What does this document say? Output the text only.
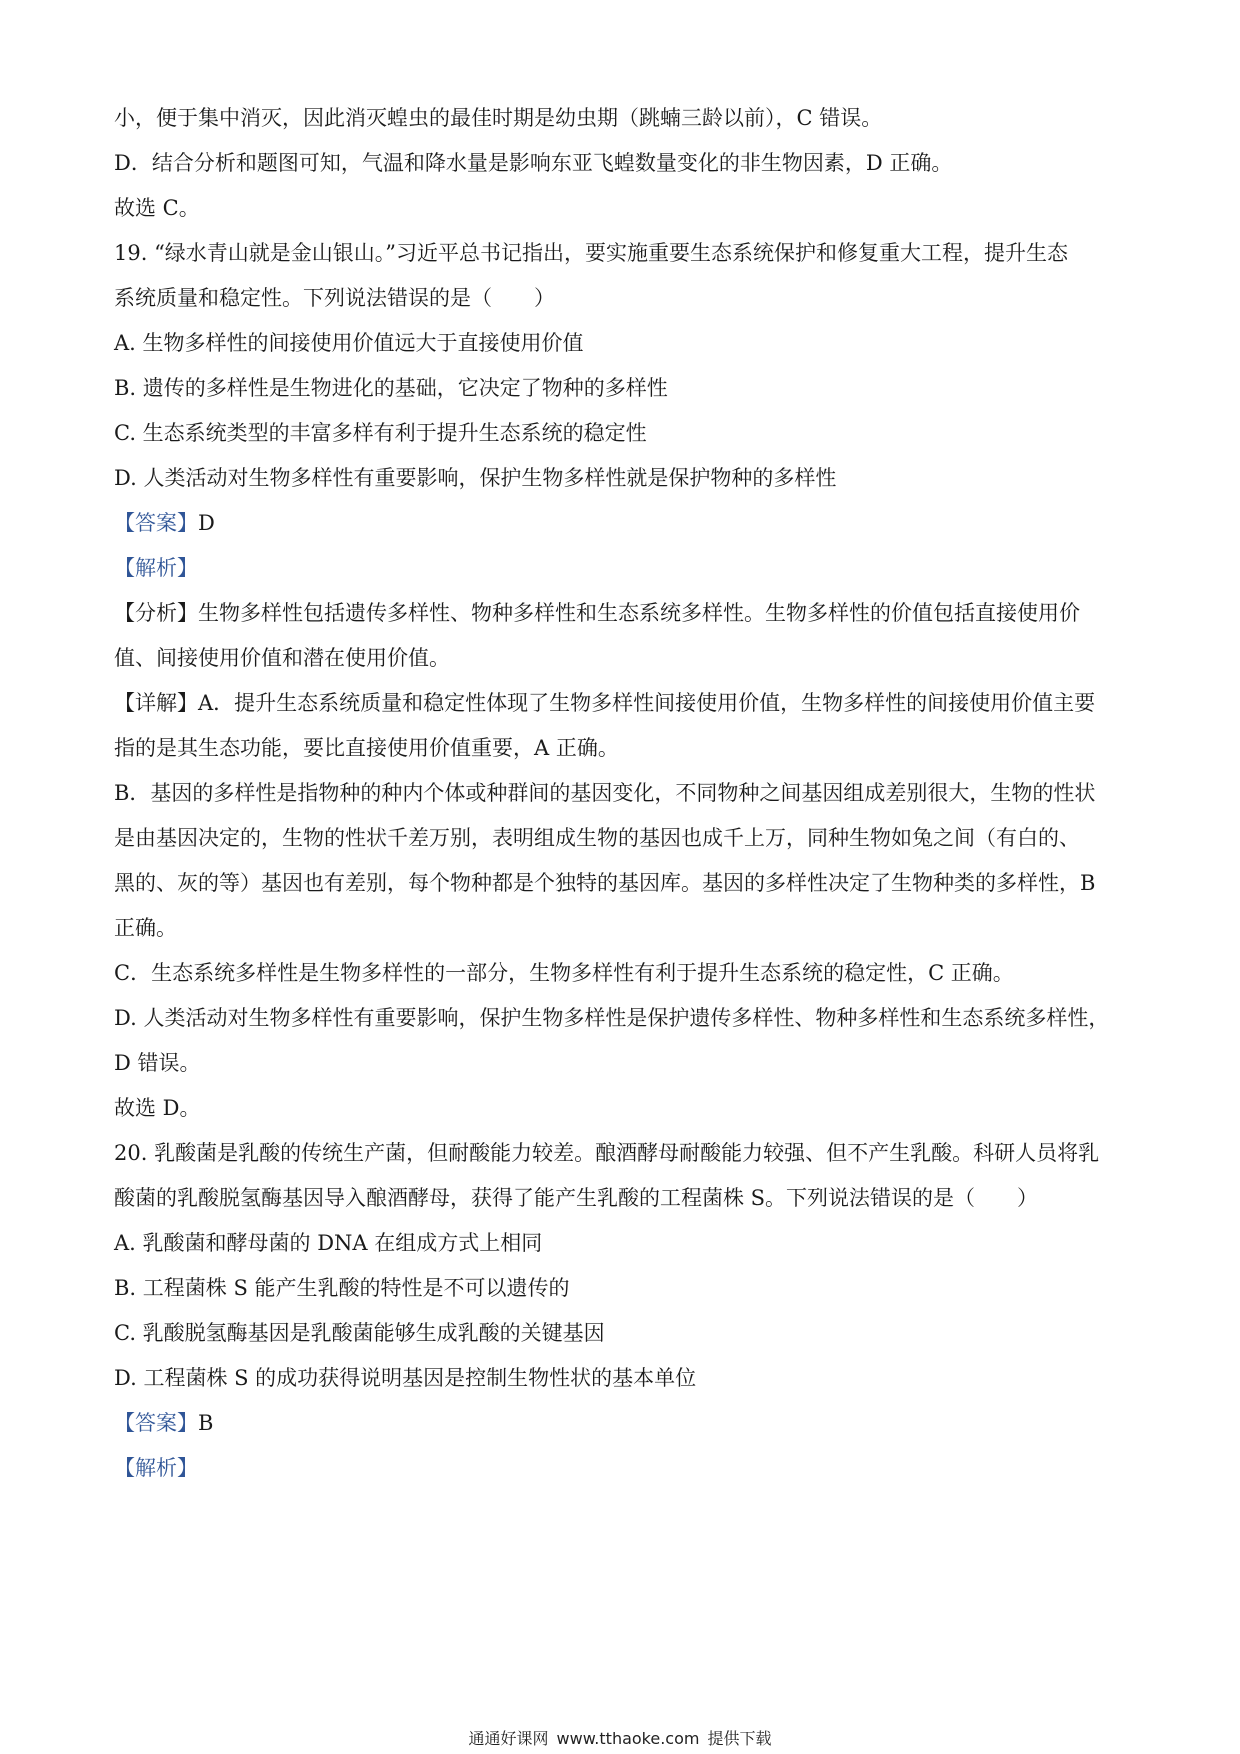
小，便于集中消灭，因此消灭蝗虫的最佳时期是幼虫期（跳蝻三龄以前），C 错误。
D．结合分析和题图可知，气温和降水量是影响东亚飞蝗数量变化的非生物因素，D 正确。
故选 C。
19. “绿水青山就是金山银山。”习近平总书记指出，要实施重要生态系统保护和修复重大工程，提升生态
系统质量和稳定性。下列说法错误的是（　　）
A. 生物多样性的间接使用价值远大于直接使用价值
B. 遗传的多样性是生物进化的基础，它决定了物种的多样性
C. 生态系统类型的丰富多样有利于提升生态系统的稳定性
D. 人类活动对生物多样性有重要影响，保护生物多样性就是保护物种的多样性
【答案】D
【解析】
【分析】生物多样性包括遗传多样性、物种多样性和生态系统多样性。生物多样性的价值包括直接使用价
值、间接使用价值和潜在使用价值。
【详解】A．提升生态系统质量和稳定性体现了生物多样性间接使用价值，生物多样性的间接使用价值主要
指的是其生态功能，要比直接使用价值重要，A 正确。
B．基因的多样性是指物种的种内个体或种群间的基因变化，不同物种之间基因组成差别很大，生物的性状
是由基因决定的，生物的性状千差万别，表明组成生物的基因也成千上万，同种生物如兔之间（有白的、
黑的、灰的等）基因也有差别，每个物种都是个独特的基因库。基因的多样性决定了生物种类的多样性，B
正确。
C．生态系统多样性是生物多样性的一部分，生物多样性有利于提升生态系统的稳定性，C 正确。
D. 人类活动对生物多样性有重要影响，保护生物多样性是保护遗传多样性、物种多样性和生态系统多样性，
D 错误。
故选 D。
20. 乳酸菌是乳酸的传统生产菌，但耐酸能力较差。酿酒酵母耐酸能力较强、但不产生乳酸。科研人员将乳
酸菌的乳酸脱氢酶基因导入酿酒酵母，获得了能产生乳酸的工程菌株 S。下列说法错误的是（　　）
A. 乳酸菌和酵母菌的 DNA 在组成方式上相同
B. 工程菌株 S 能产生乳酸的特性是不可以遗传的
C. 乳酸脱氢酶基因是乳酸菌能够生成乳酸的关键基因
D. 工程菌株 S 的成功获得说明基因是控制生物性状的基本单位
【答案】B
【解析】
通通好课网 www.tthaoke.com 提供下载
